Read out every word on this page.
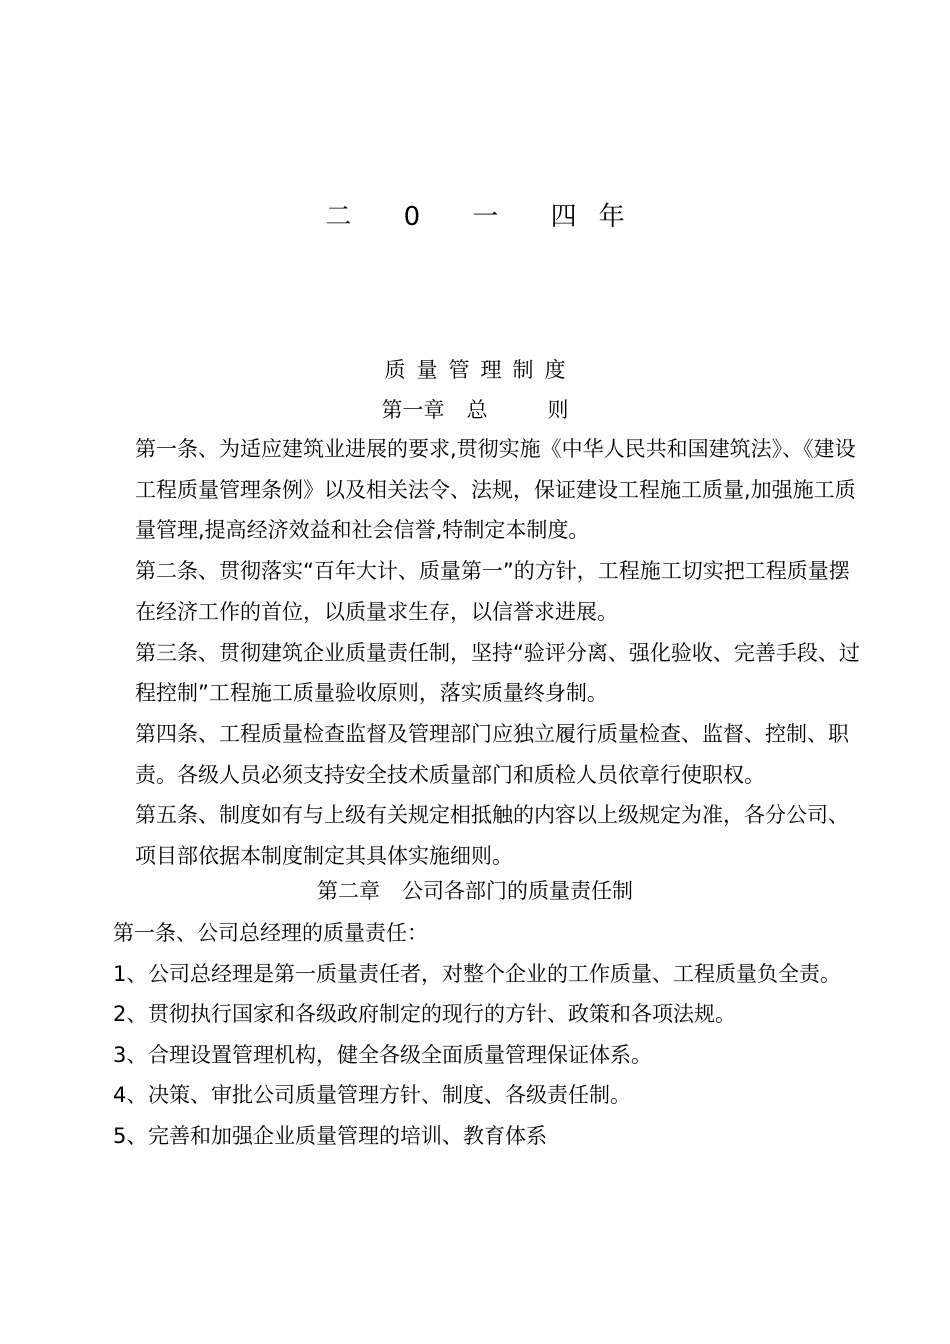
二 0 一 四年
质量管理制度
第一章 总	则

第一条、为适应建筑业进展的要求,贯彻实施《中华人民共和国建筑法》、《建设工程质量管理条例》以及相关法令、法规，保证建设工程施工质量,加强施工质量管理,提高经济效益和社会信誉,特制定本制度。

第二条、贯彻落实“百年大计、质量第一”的方针，工程施工切实把工程质量摆在经济工作的首位，以质量求生存，以信誉求进展。

第三条、贯彻建筑企业质量责任制，坚持“验评分离、强化验收、完善手段、过程控制”工程施工质量验收原则，落实质量终身制。

第四条、工程质量检查监督及管理部门应独立履行质量检查、监督、控制、职责。各级人员必须支持安全技术质量部门和质检人员依章行使职权。

第五条、制度如有与上级有关规定相抵触的内容以上级规定为准，各分公司、项目部依据本制度制定其具体实施细则。

第二章 公司各部门的质量责任制

第一条、公司总经理的质量责任：

1、 公司总经理是第一质量责任者，对整个企业的工作质量、工程质量负全责。

2、 贯彻执行国家和各级政府制定的现行的方针、政策和各项法规。

3、 合理设置管理机构，健全各级全面质量管理保证体系。

4、 决策、审批公司质量管理方针、制度、各级责任制。

5、 完善和加强企业质量管理的培训、教育体系
